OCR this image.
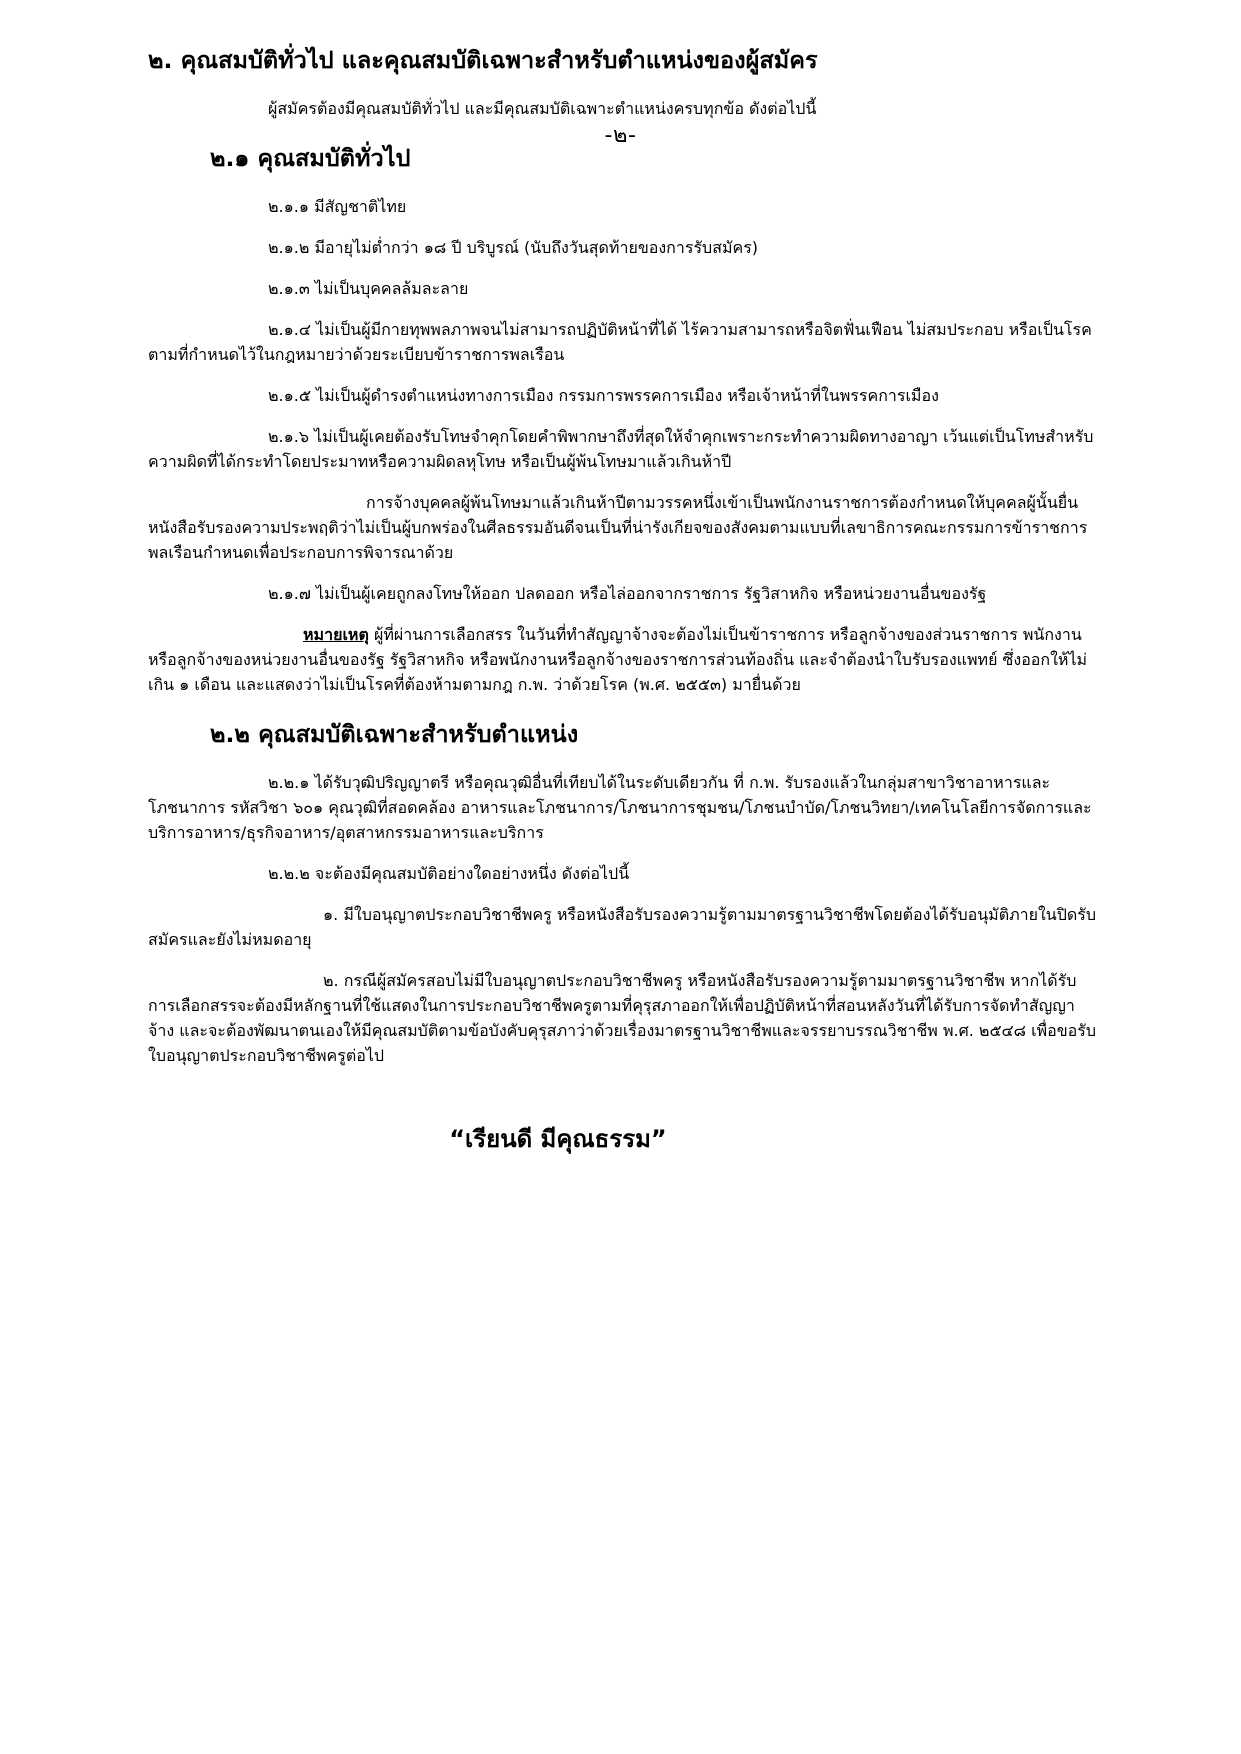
-๒-

๒. คุณสมบัติทั่วไป และคุณสมบัติเฉพาะสำหรับตำแหน่งของผู้สมัคร

ผู้สมัครต้องมีคุณสมบัติทั่วไป และมีคุณสมบัติเฉพาะตำแหน่งครบทุกข้อ ดังต่อไปนี้

๒.๑ คุณสมบัติทั่วไป

๒.๑.๑ มีสัญชาติไทย

๒.๑.๒ มีอายุไม่ต่ำกว่า ๑๘ ปี บริบูรณ์ (นับถึงวันสุดท้ายของการรับสมัคร)

๒.๑.๓ ไม่เป็นบุคคลล้มละลาย

๒.๑.๔ ไม่เป็นผู้มีกายทุพพลภาพจนไม่สามารถปฏิบัติหน้าที่ได้ ไร้ความสามารถหรือจิตฟั่นเฟือน ไม่สมประกอบ หรือเป็นโรคตามที่กำหนดไว้ในกฎหมายว่าด้วยระเบียบข้าราชการพลเรือน

๒.๑.๕ ไม่เป็นผู้ดำรงตำแหน่งทางการเมือง กรรมการพรรคการเมือง หรือเจ้าหน้าที่ในพรรคการเมือง

๒.๑.๖ ไม่เป็นผู้เคยต้องรับโทษจำคุกโดยคำพิพากษาถึงที่สุดให้จำคุกเพราะกระทำความผิดทางอาญา เว้นแต่เป็นโทษสำหรับความผิดที่ได้กระทำโดยประมาทหรือความผิดลหุโทษ หรือเป็นผู้พ้นโทษมาแล้วเกินห้าปี

การจ้างบุคคลผู้พ้นโทษมาแล้วเกินห้าปีตามวรรคหนึ่งเข้าเป็นพนักงานราชการต้องกำหนดให้บุคคลผู้นั้นยื่นหนังสือรับรองความประพฤติว่าไม่เป็นผู้บกพร่องในศีลธรรมอันดีจนเป็นที่น่ารังเกียจของสังคมตามแบบที่เลขาธิการคณะกรรมการข้าราชการพลเรือนกำหนดเพื่อประกอบการพิจารณาด้วย

๒.๑.๗ ไม่เป็นผู้เคยถูกลงโทษให้ออก ปลดออก หรือไล่ออกจากราชการ รัฐวิสาหกิจ หรือหน่วยงานอื่นของรัฐ

หมายเหตุ ผู้ที่ผ่านการเลือกสรร ในวันที่ทำสัญญาจ้างจะต้องไม่เป็นข้าราชการ หรือลูกจ้างของส่วนราชการ พนักงาน หรือลูกจ้างของหน่วยงานอื่นของรัฐ รัฐวิสาหกิจ หรือพนักงานหรือลูกจ้างของราชการส่วนท้องถิ่น และจำต้องนำใบรับรองแพทย์ ซึ่งออกให้ไม่เกิน ๑ เดือน และแสดงว่าไม่เป็นโรคที่ต้องห้ามตามกฎ ก.พ. ว่าด้วยโรค (พ.ศ. ๒๕๕๓) มายื่นด้วย

๒.๒ คุณสมบัติเฉพาะสำหรับตำแหน่ง

๒.๒.๑ ได้รับวุฒิปริญญาตรี หรือคุณวุฒิอื่นที่เทียบได้ในระดับเดียวกัน ที่ ก.พ. รับรองแล้วในกลุ่มสาขาวิชาอาหารและโภชนาการ รหัสวิชา ๖๐๑ คุณวุฒิที่สอดคล้อง อาหารและโภชนาการ/โภชนาการชุมชน/โภชนบำบัด/โภชนวิทยา/เทคโนโลยีการจัดการและบริการอาหาร/ธุรกิจอาหาร/อุตสาหกรรมอาหารและบริการ

๒.๒.๒ จะต้องมีคุณสมบัติอย่างใดอย่างหนึ่ง ดังต่อไปนี้

๑. มีใบอนุญาตประกอบวิชาชีพครู หรือหนังสือรับรองความรู้ตามมาตรฐานวิชาชีพโดยต้องได้รับอนุมัติภายในปิดรับสมัครและยังไม่หมดอายุ

๒. กรณีผู้สมัครสอบไม่มีใบอนุญาตประกอบวิชาชีพครู หรือหนังสือรับรองความรู้ตามมาตรฐานวิชาชีพ หากได้รับการเลือกสรรจะต้องมีหลักฐานที่ใช้แสดงในการประกอบวิชาชีพครูตามที่คุรุสภาออกให้เพื่อปฏิบัติหน้าที่สอนหลังวันที่ได้รับการจัดทำสัญญาจ้าง และจะต้องพัฒนาตนเองให้มีคุณสมบัติตามข้อบังคับคุรุสภาว่าด้วยเรื่องมาตรฐานวิชาชีพและจรรยาบรรณวิชาชีพ พ.ศ. ๒๕๔๘ เพื่อขอรับใบอนุญาตประกอบวิชาชีพครูต่อไป

“เรียนดี มีคุณธรรม”
